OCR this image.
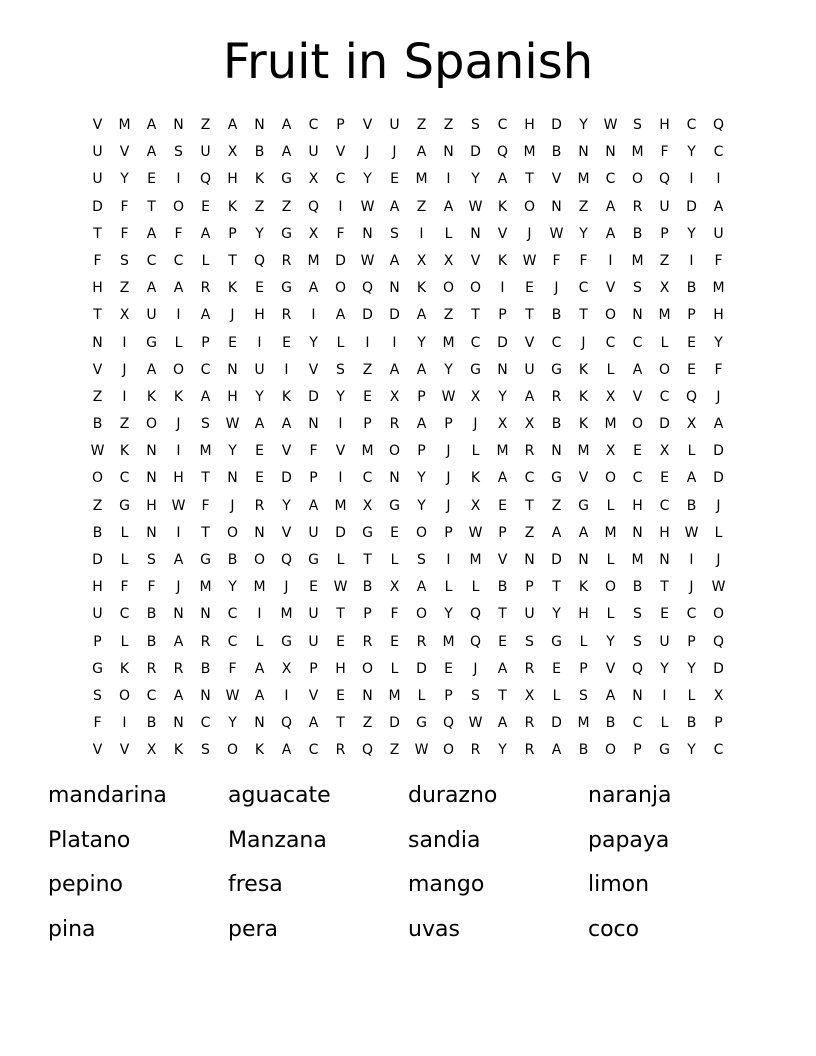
Fruit in Spanish
V	M	A	N	Z	A	N	A	C	P	V	U	Z	Z	S	C	H	D	Y	W	S	H	C	Q
U	V	A	S	U	X	B	A	U	V	J	J	A	N	D	Q	M	B	N	N	M	F	Y	C
U	Y	E	I	Q	H	K	G	X	C	Y	E	M	I	Y	A	T	V	M	C	O	Q	I	I
D	F	T	O	E	K	Z	Z	Q	I	W	A	Z	A	W	K	O	N	Z	A	R	U	D	A
T	F	A	F	A	P	Y	G	X	F	N	S	I	L	N	V	J	W	Y	A	B	P	Y	U
F	S	C	C	L	T	Q	R	M	D	W	A	X	X	V	K	W	F	F	I	M	Z	I	F
H	Z	A	A	R	K	E	G	A	O	Q	N	K	O	O	I	E	J	C	V	S	X	B	M
T	X	U	I	A	J	H	R	I	A	D	D	A	Z	T	P	T	B	T	O	N	M	P	H
N	I	G	L	P	E	I	E	Y	L	I	I	Y	M	C	D	V	C	J	C	C	L	E	Y
V	J	A	O	C	N	U	I	V	S	Z	A	A	Y	G	N	U	G	K	L	A	O	E	F
Z	I	K	K	A	H	Y	K	D	Y	E	X	P	W	X	Y	A	R	K	X	V	C	Q	J
B	Z	O	J	S	W	A	A	N	I	P	R	A	P	J	X	X	B	K	M	O	D	X	A
W	K	N	I	M	Y	E	V	F	V	M	O	P	J	L	M	R	N	M	X	E	X	L	D
O	C	N	H	T	N	E	D	P	I	C	N	Y	J	K	A	C	G	V	O	C	E	A	D
Z	G	H	W	F	J	R	Y	A	M	X	G	Y	J	X	E	T	Z	G	L	H	C	B	J
B	L	N	I	T	O	N	V	U	D	G	E	O	P	W	P	Z	A	A	M	N	H	W	L
D	L	S	A	G	B	O	Q	G	L	T	L	S	I	M	V	N	D	N	L	M	N	I	J
H	F	F	J	M	Y	M	J	E	W	B	X	A	L	L	B	P	T	K	O	B	T	J	W
U	C	B	N	N	C	I	M	U	T	P	F	O	Y	Q	T	U	Y	H	L	S	E	C	O
P	L	B	A	R	C	L	G	U	E	R	E	R	M	Q	E	S	G	L	Y	S	U	P	Q
G	K	R	R	B	F	A	X	P	H	O	L	D	E	J	A	R	E	P	V	Q	Y	Y	D
S	O	C	A	N	W	A	I	V	E	N	M	L	P	S	T	X	L	S	A	N	I	L	X
F	I	B	N	C	Y	N	Q	A	T	Z	D	G	Q	W	A	R	D	M	B	C	L	B	P
V	V	X	K	S	O	K	A	C	R	Q	Z	W	O	R	Y	R	A	B	O	P	G	Y	C
mandarina	aguacate	durazno	naranja
Platano	Manzana	sandia	papaya
pepino	fresa	mango	limon
pina	pera	uvas	coco
